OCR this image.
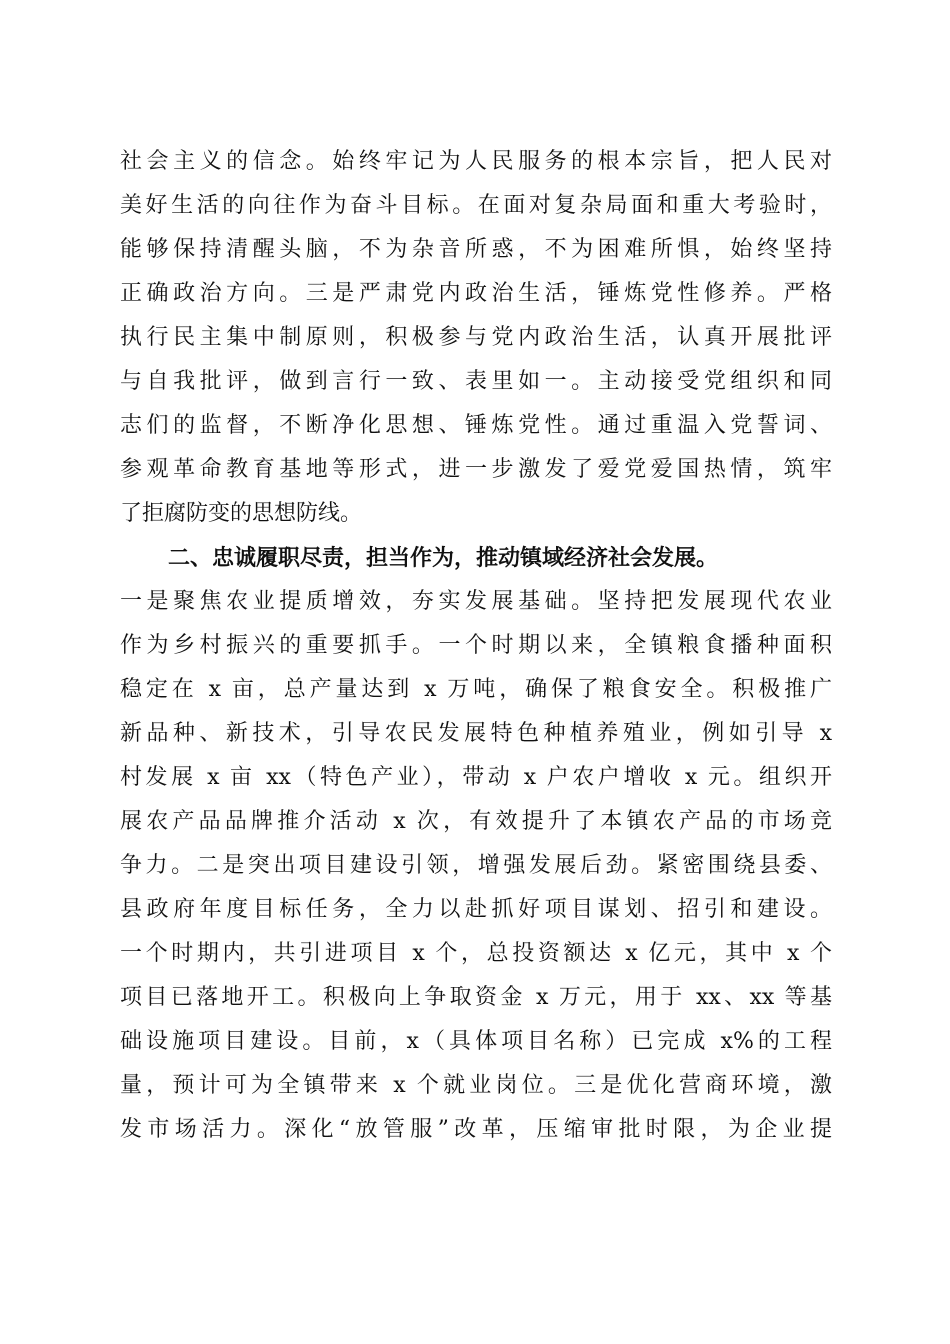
社会主义的信念。始终牢记为人民服务的根本宗旨，把人民对
美好生活的向往作为奋斗目标。在面对复杂局面和重大考验时，
能够保持清醒头脑，不为杂音所惑，不为困难所惧，始终坚持
正确政治方向。三是严肃党内政治生活，锤炼党性修养。严格
执行民主集中制原则，积极参与党内政治生活，认真开展批评
与自我批评，做到言行一致、表里如一。主动接受党组织和同
志们的监督，不断净化思想、锤炼党性。通过重温入党誓词、
参观革命教育基地等形式，进一步激发了爱党爱国热情，筑牢
了拒腐防变的思想防线。
二、忠诚履职尽责，担当作为，推动镇域经济社会发展。
一是聚焦农业提质增效，夯实发展基础。坚持把发展现代农业
作为乡村振兴的重要抓手。一个时期以来，全镇粮食播种面积
稳定在 x 亩，总产量达到 x 万吨，确保了粮食安全。积极推广
新品种、新技术，引导农民发展特色种植养殖业，例如引导 x
村发展 x 亩 xx（特色产业），带动 x 户农户增收 x 元。组织开
展农产品品牌推介活动 x 次，有效提升了本镇农产品的市场竞
争力。二是突出项目建设引领，增强发展后劲。紧密围绕县委、
县政府年度目标任务，全力以赴抓好项目谋划、招引和建设。
一个时期内，共引进项目 x 个，总投资额达 x 亿元，其中 x 个
项目已落地开工。积极向上争取资金 x 万元，用于 xx、xx 等基
础设施项目建设。目前，x（具体项目名称）已完成 x%的工程
量，预计可为全镇带来 x 个就业岗位。三是优化营商环境，激
发市场活力。深化“放管服”改革，压缩审批时限，为企业提
